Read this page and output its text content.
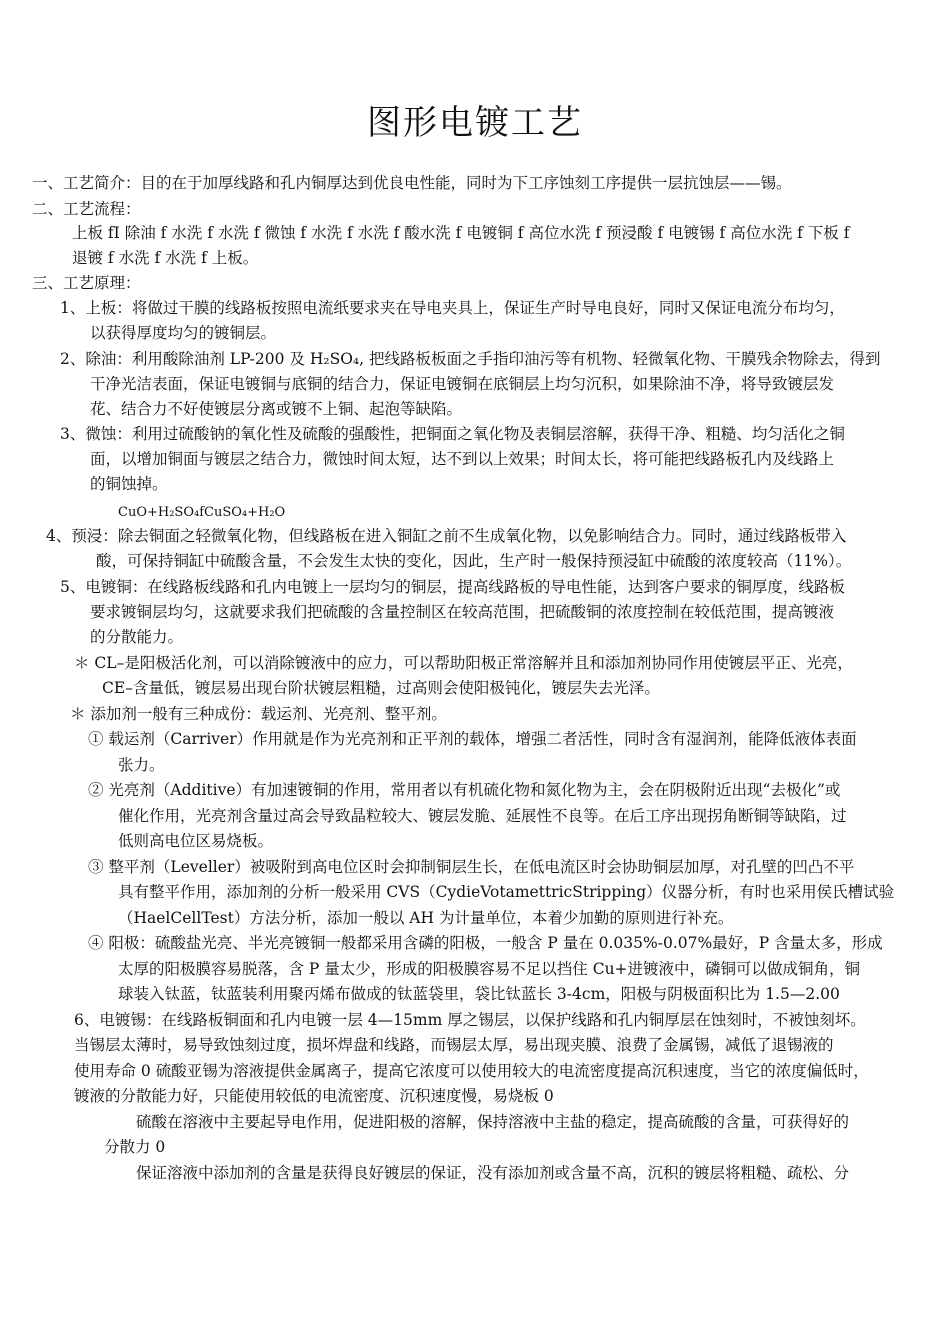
图形电镀工艺
一、工艺简介：目的在于加厚线路和孔内铜厚达到优良电性能，同时为下工序蚀刻工序提供一层抗蚀层——锡。
二、工艺流程：
上板 fI 除油 f 水洗 f 水洗 f 微蚀 f 水洗 f 水洗 f 酸水洗 f 电镀铜 f 高位水洗 f 预浸酸 f 电镀锡 f 高位水洗 f 下板 f
退镀 f 水洗 f 水洗 f 上板。
三、工艺原理：
1、上板：将做过干膜的线路板按照电流纸要求夹在导电夹具上，保证生产时导电良好，同时又保证电流分布均匀，
以获得厚度均匀的镀铜层。
2、除油：利用酸除油剂 LP-200 及 H₂SO₄, 把线路板板面之手指印油污等有机物、轻微氧化物、干膜残余物除去，得到
干净光洁表面，保证电镀铜与底铜的结合力，保证电镀铜在底铜层上均匀沉积，如果除油不净，将导致镀层发
花、结合力不好使镀层分离或镀不上铜、起泡等缺陷。
3、微蚀：利用过硫酸钠的氧化性及硫酸的强酸性，把铜面之氧化物及表铜层溶解，获得干净、粗糙、均匀活化之铜
面，以增加铜面与镀层之结合力，微蚀时间太短，达不到以上效果；时间太长，将可能把线路板孔内及线路上
的铜蚀掉。
CuO+H₂SO₄fCuSO₄+H₂O
4、预浸：除去铜面之轻微氧化物，但线路板在进入铜缸之前不生成氧化物，以免影响结合力。同时，通过线路板带入
酸，可保持铜缸中硫酸含量，不会发生太快的变化，因此，生产时一般保持预浸缸中硫酸的浓度较高（11%）。
5、电镀铜：在线路板线路和孔内电镀上一层均匀的铜层，提高线路板的导电性能，达到客户要求的铜厚度，线路板
要求镀铜层均匀，这就要求我们把硫酸的含量控制区在较高范围，把硫酸铜的浓度控制在较低范围，提高镀液
的分散能力。
＊ CL–是阳极活化剂，可以消除镀液中的应力，可以帮助阳极正常溶解并且和添加剂协同作用使镀层平正、光亮，
CE–含量低，镀层易出现台阶状镀层粗糙，过高则会使阳极钝化，镀层失去光泽。
＊ 添加剂一般有三种成份：载运剂、光亮剂、整平剂。
① 载运剂（Carriver）作用就是作为光亮剂和正平剂的载体，增强二者活性，同时含有湿润剂，能降低液体表面
张力。
② 光亮剂（Additive）有加速镀铜的作用，常用者以有机硫化物和氮化物为主，会在阴极附近出现“去极化”或
催化作用，光亮剂含量过高会导致晶粒较大、镀层发脆、延展性不良等。在后工序出现拐角断铜等缺陷，过
低则高电位区易烧板。
③ 整平剂（Leveller）被吸附到高电位区时会抑制铜层生长，在低电流区时会协助铜层加厚，对孔壁的凹凸不平
具有整平作用，添加剂的分析一般采用 CVS（CydieVotamettricStripping）仪器分析，有时也采用侯氏槽试验
（HaelCellTest）方法分析，添加一般以 AH 为计量单位，本着少加勤的原则进行补充。
④ 阳极：硫酸盐光亮、半光亮镀铜一般都采用含磷的阳极，一般含 P 量在 0.035%-0.07%最好，P 含量太多，形成
太厚的阳极膜容易脱落，含 P 量太少，形成的阳极膜容易不足以挡住 Cu+进镀液中，磷铜可以做成铜角，铜
球装入钛蓝，钛蓝装利用聚丙烯布做成的钛蓝袋里，袋比钛蓝长 3-4cm，阳极与阴极面积比为 1.5—2.00
6、电镀锡：在线路板铜面和孔内电镀一层 4—15mm 厚之锡层，以保护线路和孔内铜厚层在蚀刻时，不被蚀刻坏。
当锡层太薄时，易导致蚀刻过度，损坏焊盘和线路，而锡层太厚，易出现夹膜、浪费了金属锡，减低了退锡液的
使用寿命 0 硫酸亚锡为溶液提供金属离子，提高它浓度可以使用较大的电流密度提高沉积速度，当它的浓度偏低时，
镀液的分散能力好，只能使用较低的电流密度、沉积速度慢，易烧板 0
硫酸在溶液中主要起导电作用，促进阳极的溶解，保持溶液中主盐的稳定，提高硫酸的含量，可获得好的
分散力 0
保证溶液中添加剂的含量是获得良好镀层的保证，没有添加剂或含量不高，沉积的镀层将粗糙、疏松、分
